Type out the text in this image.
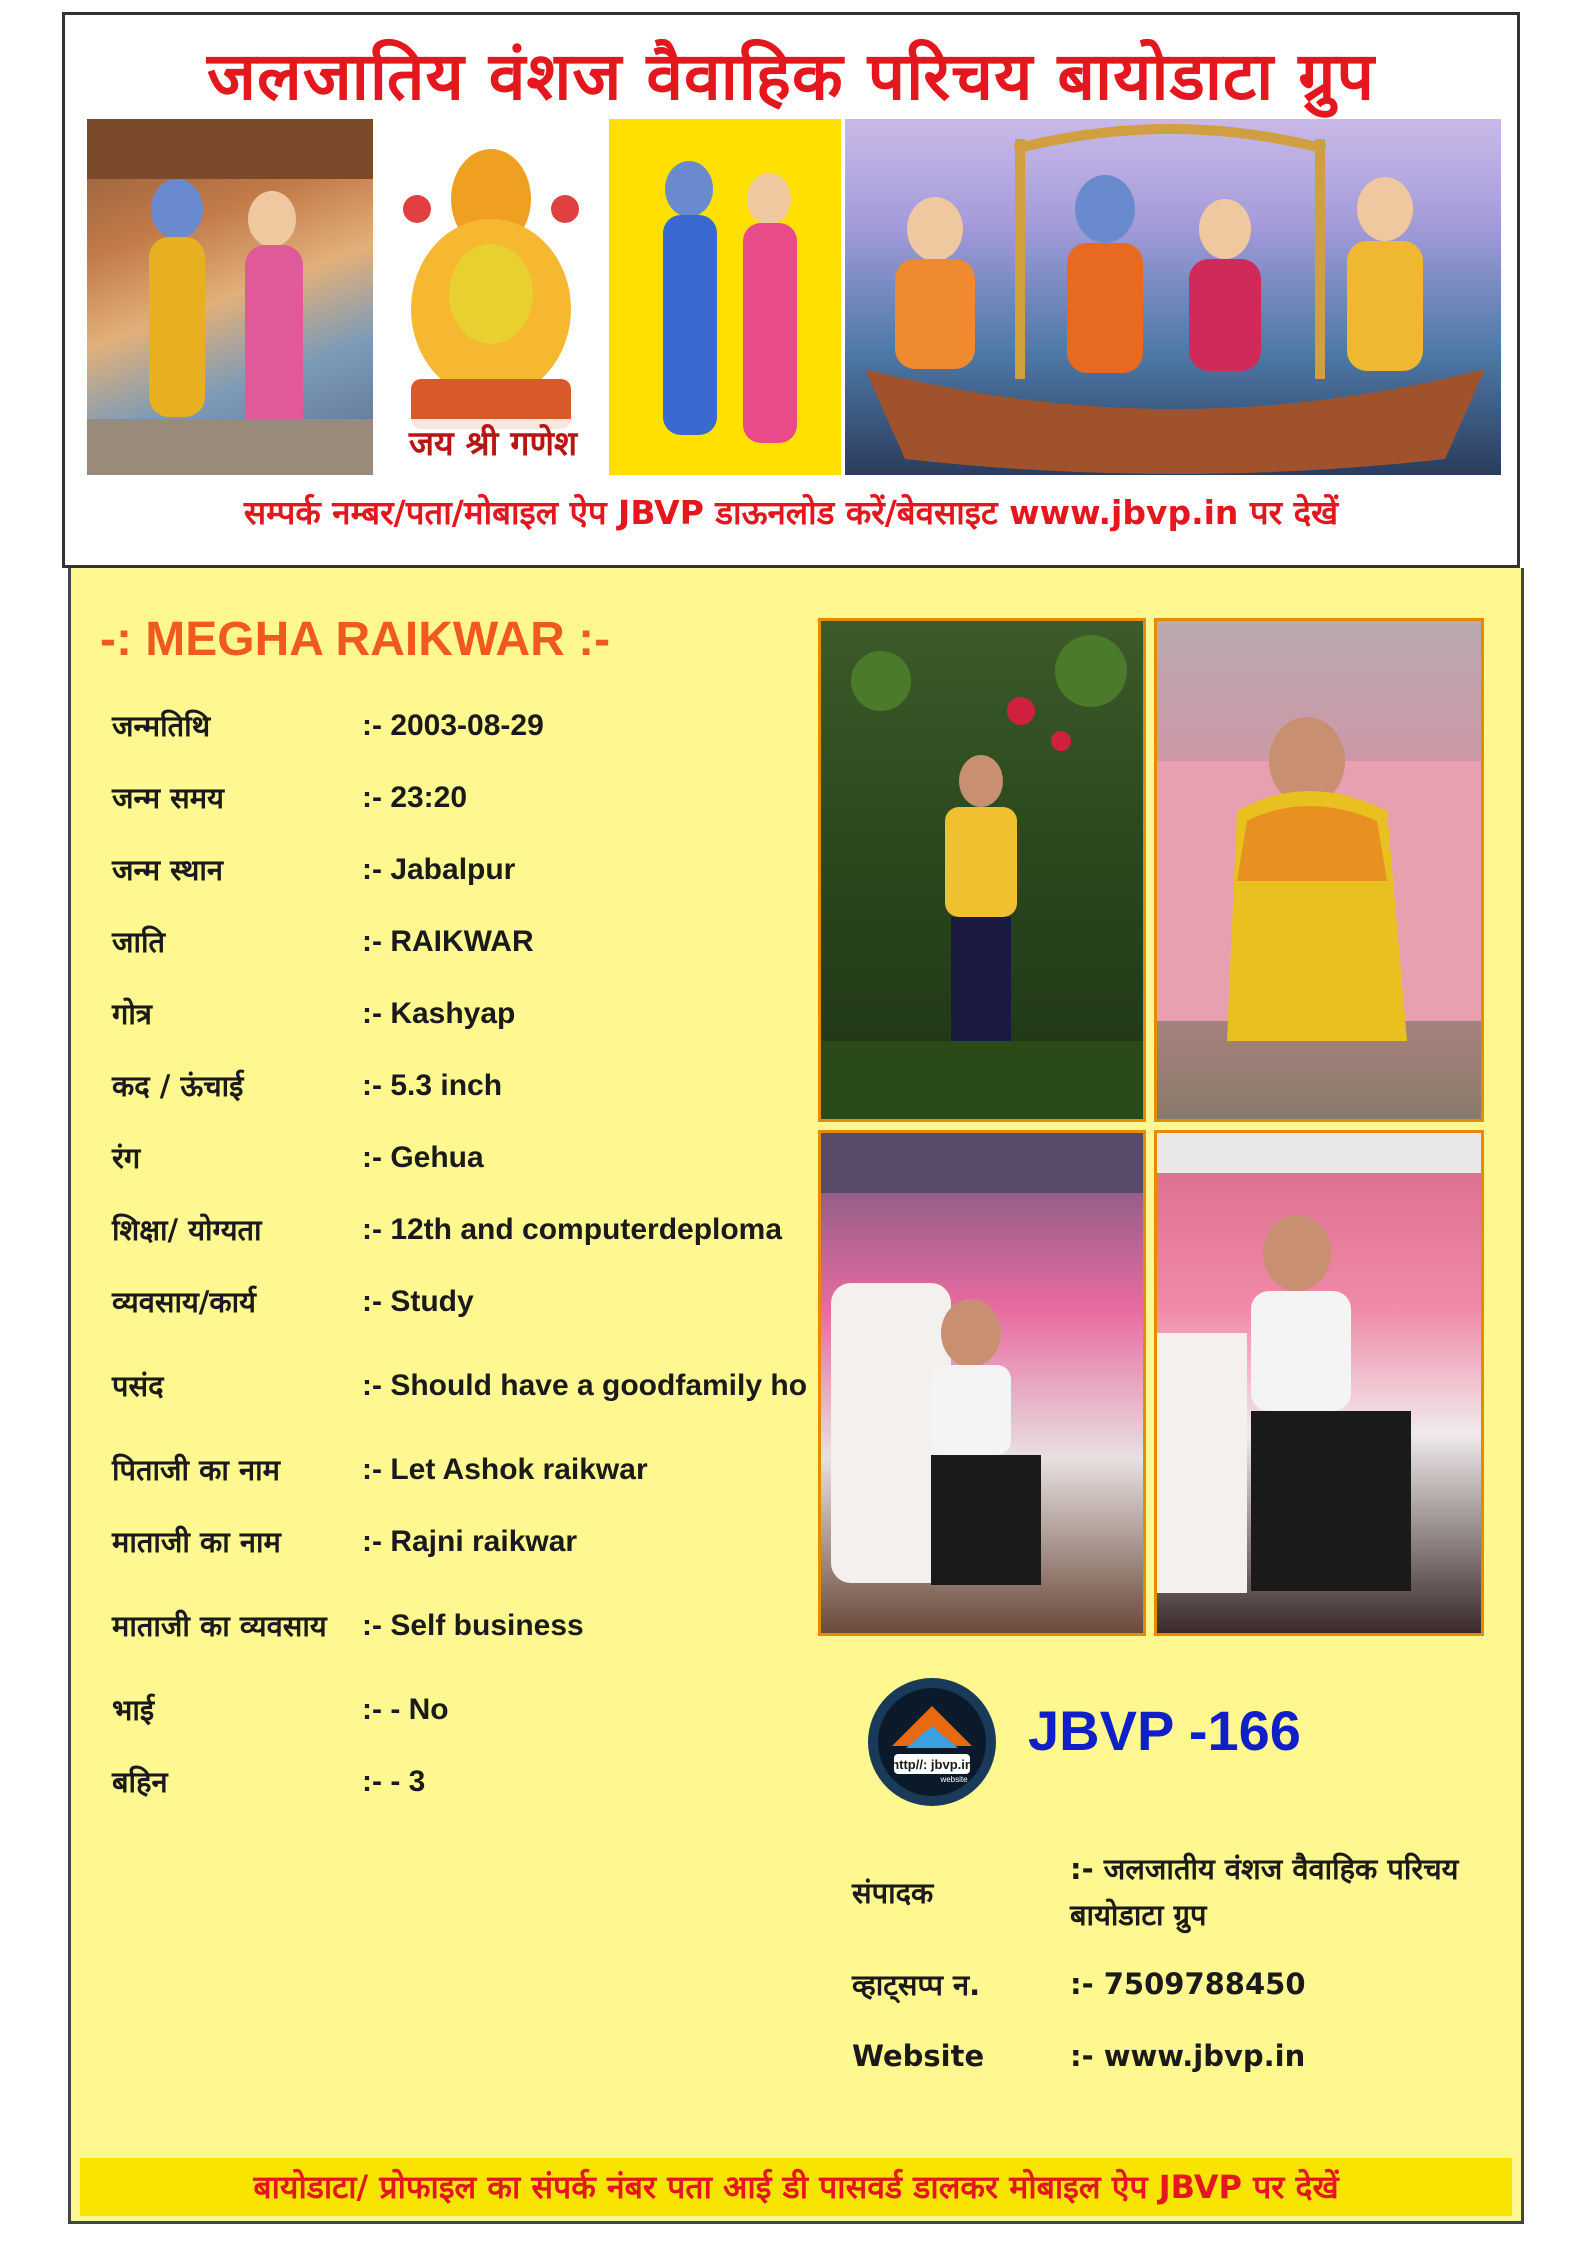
जलजातिय वंशज वैवाहिक परिचय बायोडाटा ग्रुप
जय श्री गणेश
सम्पर्क नम्बर/पता/मोबाइल ऐप JBVP डाऊनलोड करें/बेवसाइट www.jbvp.in पर देखें
-: MEGHA RAIKWAR :-
जन्मतिथि	:- 2003-08-29
जन्म समय	:- 23:20
जन्म स्थान	:- Jabalpur
जाति	:- RAIKWAR
गोत्र	:- Kashyap
कद / ऊंचाई	:- 5.3 inch
रंग	:- Gehua
शिक्षा/ योग्यता	:- 12th and computerdeploma
व्यवसाय/कार्य	:- Study
पसंद	:- Should have a goodfamily ho
पिताजी का नाम	:- Let Ashok raikwar
माताजी का नाम	:- Rajni raikwar
माताजी का व्यवसाय	:- Self business
भाई	:- - No
बहिन	:- - 3
http//: jbvp.in
website
JBVP -166
संपादक
:- जलजातीय वंशज वैवाहिक परिचय बायोडाटा ग्रुप
व्हाट्सप्प न.	:- 7509788450
Website	:- www.jbvp.in
बायोडाटा/ प्रोफाइल का संपर्क नंबर पता आई डी पासवर्ड डालकर मोबाइल ऐप JBVP पर देखें
